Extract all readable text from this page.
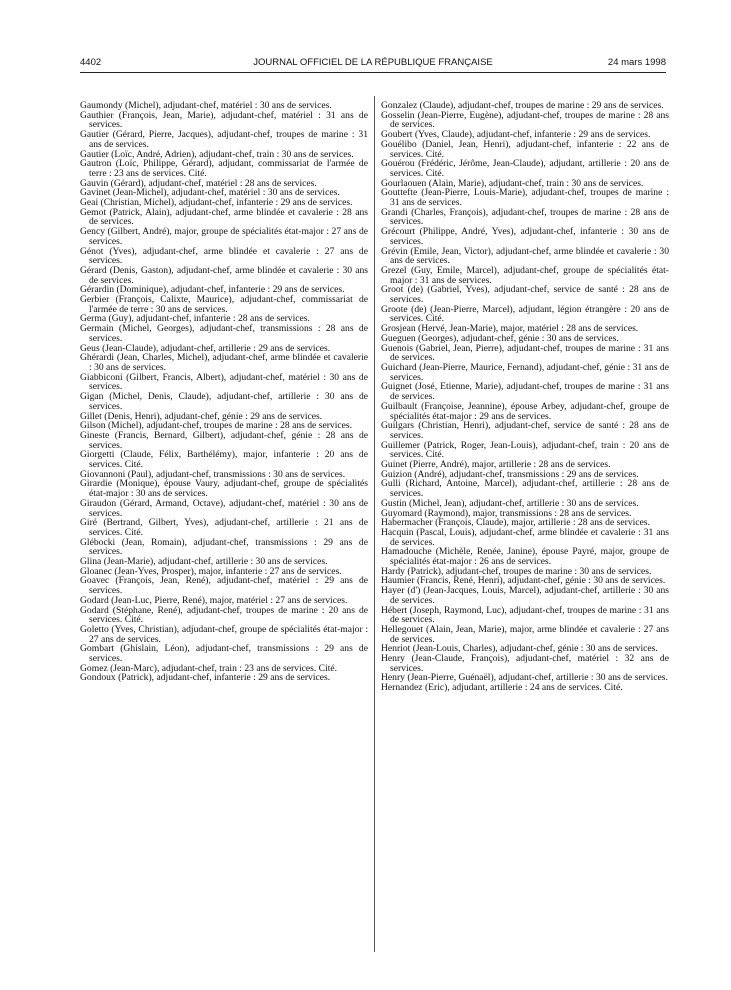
4402	JOURNAL OFFICIEL DE LA RÉPUBLIQUE FRANÇAISE	24 mars 1998
Gaumondy (Michel), adjudant-chef, matériel : 30 ans de services.
Gauthier (François, Jean, Marie), adjudant-chef, matériel : 31 ans de services.
Gautier (Gérard, Pierre, Jacques), adjudant-chef, troupes de marine : 31 ans de services.
Gautier (Loïc, André, Adrien), adjudant-chef, train : 30 ans de services.
Gautron (Loïc, Philippe, Gérard), adjudant, commissariat de l'armée de terre : 23 ans de services. Cité.
Gauvin (Gérard), adjudant-chef, matériel : 28 ans de services.
Gavinet (Jean-Michel), adjudant-chef, matériel : 30 ans de services.
Geai (Christian, Michel), adjudant-chef, infanterie : 29 ans de services.
Gemot (Patrick, Alain), adjudant-chef, arme blindée et cavalerie : 28 ans de services.
Gency (Gilbert, André), major, groupe de spécialités état-major : 27 ans de services.
Génot (Yves), adjudant-chef, arme blindée et cavalerie : 27 ans de services.
Gérard (Denis, Gaston), adjudant-chef, arme blindée et cavalerie : 30 ans de services.
Gérardin (Dominique), adjudant-chef, infanterie : 29 ans de services.
Gerbier (François, Calixte, Maurice), adjudant-chef, commissariat de l'armée de terre : 30 ans de services.
Germa (Guy), adjudant-chef, infanterie : 28 ans de services.
Germain (Michel, Georges), adjudant-chef, transmissions : 28 ans de services.
Geus (Jean-Claude), adjudant-chef, artillerie : 29 ans de services.
Ghérardi (Jean, Charles, Michel), adjudant-chef, arme blindée et cavalerie : 30 ans de services.
Giabbiconi (Gilbert, Francis, Albert), adjudant-chef, matériel : 30 ans de services.
Gigan (Michel, Denis, Claude), adjudant-chef, artillerie : 30 ans de services.
Gillet (Denis, Henri), adjudant-chef, génie : 29 ans de services.
Gilson (Michel), adjudant-chef, troupes de marine : 28 ans de services.
Gineste (Francis, Bernard, Gilbert), adjudant-chef, génie : 28 ans de services.
Giorgetti (Claude, Félix, Barthélémy), major, infanterie : 20 ans de services. Cité.
Giovannoni (Paul), adjudant-chef, transmissions : 30 ans de services.
Girardie (Monique), épouse Vaury, adjudant-chef, groupe de spécialités état-major : 30 ans de services.
Giraudon (Gérard, Armand, Octave), adjudant-chef, matériel : 30 ans de services.
Giré (Bertrand, Gilbert, Yves), adjudant-chef, artillerie : 21 ans de services. Cité.
Glébocki (Jean, Romain), adjudant-chef, transmissions : 29 ans de services.
Glina (Jean-Marie), adjudant-chef, artillerie : 30 ans de services.
Gloanec (Jean-Yves, Prosper), major, infanterie : 27 ans de services.
Goavec (François, Jean, René), adjudant-chef, matériel : 29 ans de services.
Godard (Jean-Luc, Pierre, René), major, matériel : 27 ans de services.
Godard (Stéphane, René), adjudant-chef, troupes de marine : 20 ans de services. Cité.
Goletto (Yves, Christian), adjudant-chef, groupe de spécialités état-major : 27 ans de services.
Gombart (Ghislain, Léon), adjudant-chef, transmissions : 29 ans de services.
Gomez (Jean-Marc), adjudant-chef, train : 23 ans de services. Cité.
Gondoux (Patrick), adjudant-chef, infanterie : 29 ans de services.
Gonzalez (Claude), adjudant-chef, troupes de marine : 29 ans de services.
Gosselin (Jean-Pierre, Eugène), adjudant-chef, troupes de marine : 28 ans de services.
Goubert (Yves, Claude), adjudant-chef, infanterie : 29 ans de services.
Gouélibo (Daniel, Jean, Henri), adjudant-chef, infanterie : 22 ans de services. Cité.
Gouérou (Frédéric, Jérôme, Jean-Claude), adjudant, artillerie : 20 ans de services. Cité.
Gourlaouen (Alain, Marie), adjudant-chef, train : 30 ans de services.
Gouttefte (Jean-Pierre, Louis-Marie), adjudant-chef, troupes de marine : 31 ans de services.
Grandi (Charles, François), adjudant-chef, troupes de marine : 28 ans de services.
Grécourt (Philippe, André, Yves), adjudant-chef, infanterie : 30 ans de services.
Grévin (Emile, Jean, Victor), adjudant-chef, arme blindée et cavalerie : 30 ans de services.
Grezel (Guy, Emile, Marcel), adjudant-chef, groupe de spécialités état-major : 31 ans de services.
Groot (de) (Gabriel, Yves), adjudant-chef, service de santé : 28 ans de services.
Groote (de) (Jean-Pierre, Marcel), adjudant, légion étrangère : 20 ans de services. Cité.
Grosjean (Hervé, Jean-Marie), major, matériel : 28 ans de services.
Gueguen (Georges), adjudant-chef, génie : 30 ans de services.
Guenois (Gabriel, Jean, Pierre), adjudant-chef, troupes de marine : 31 ans de services.
Guichard (Jean-Pierre, Maurice, Fernand), adjudant-chef, génie : 31 ans de services.
Guignet (José, Etienne, Marie), adjudant-chef, troupes de marine : 31 ans de services.
Guilbault (Françoise, Jeannine), épouse Arbey, adjudant-chef, groupe de spécialités état-major : 29 ans de services.
Guilgars (Christian, Henri), adjudant-chef, service de santé : 28 ans de services.
Guillemer (Patrick, Roger, Jean-Louis), adjudant-chef, train : 20 ans de services. Cité.
Guinet (Pierre, André), major, artillerie : 28 ans de services.
Guizion (André), adjudant-chef, transmissions : 29 ans de services.
Gulli (Richard, Antoine, Marcel), adjudant-chef, artillerie : 28 ans de services.
Gustin (Michel, Jean), adjudant-chef, artillerie : 30 ans de services.
Guyomard (Raymond), major, transmissions : 28 ans de services.
Habermacher (François, Claude), major, artillerie : 28 ans de services.
Hacquin (Pascal, Louis), adjudant-chef, arme blindée et cavalerie : 31 ans de services.
Hamadouche (Michèle, Renée, Janine), épouse Payré, major, groupe de spécialités état-major : 26 ans de services.
Hardy (Patrick), adjudant-chef, troupes de marine : 30 ans de services.
Haumier (Francis, René, Henri), adjudant-chef, génie : 30 ans de services.
Hayer (d') (Jean-Jacques, Louis, Marcel), adjudant-chef, artillerie : 30 ans de services.
Hébert (Joseph, Raymond, Luc), adjudant-chef, troupes de marine : 31 ans de services.
Hellegouet (Alain, Jean, Marie), major, arme blindée et cavalerie : 27 ans de services.
Henriot (Jean-Louis, Charles), adjudant-chef, génie : 30 ans de services.
Henry (Jean-Claude, François), adjudant-chef, matériel : 32 ans de services.
Henry (Jean-Pierre, Guénaël), adjudant-chef, artillerie : 30 ans de services.
Hernandez (Eric), adjudant, artillerie : 24 ans de services. Cité.
